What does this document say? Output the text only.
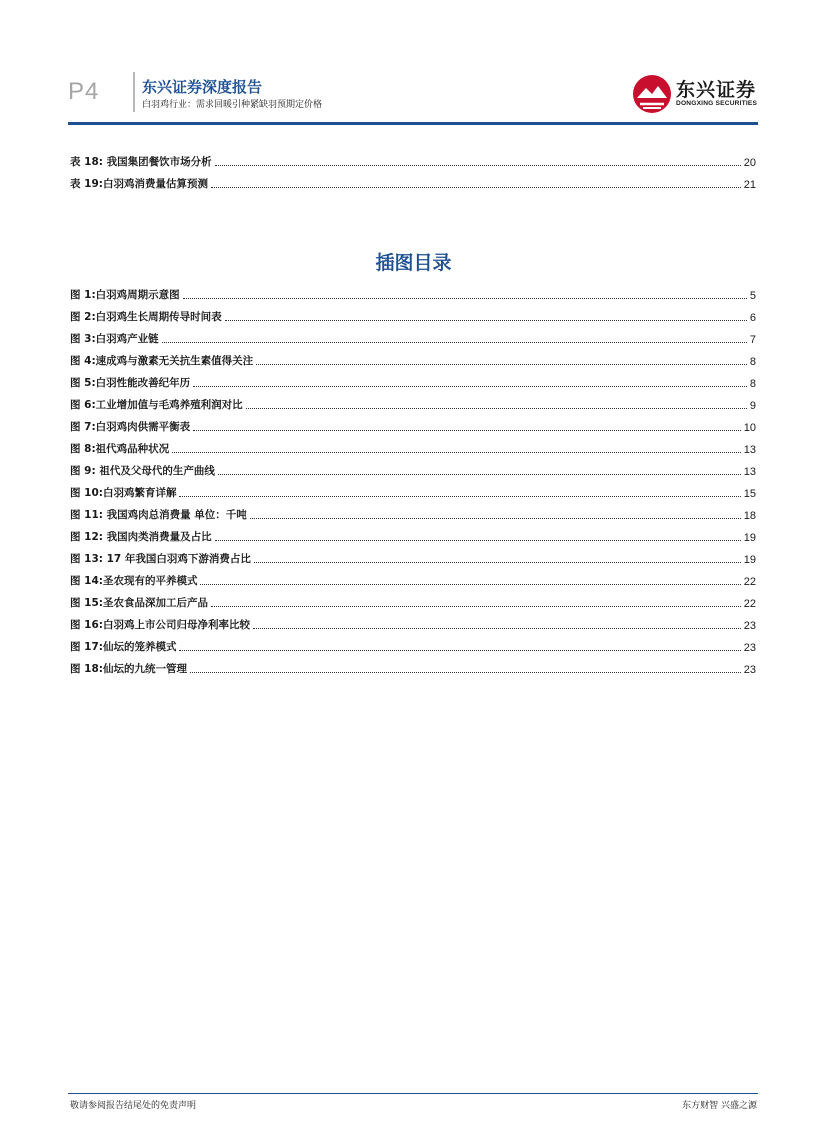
P4	东兴证券深度报告
白羽鸡行业：需求回暖引种紧缺羽预期定价格
东兴证券
DONGXING SECURITIES
表 18: 我国集团餐饮市场分析	20
表 19:白羽鸡消费量估算预测	21
插图目录
图 1:白羽鸡周期示意图	5
图 2:白羽鸡生长周期传导时间表	6
图 3:白羽鸡产业链	7
图 4:速成鸡与激素无关抗生素值得关注	8
图 5:白羽性能改善纪年历	8
图 6:工业增加值与毛鸡养殖利润对比	9
图 7:白羽鸡肉供需平衡表	10
图 8:祖代鸡品种状况	13
图 9: 祖代及父母代的生产曲线	13
图 10:白羽鸡繁育详解	15
图 11: 我国鸡肉总消费量 单位：千吨	18
图 12: 我国肉类消费量及占比	19
图 13: 17 年我国白羽鸡下游消费占比	19
图 14:圣农现有的平养模式	22
图 15:圣农食品深加工后产品	22
图 16:白羽鸡上市公司归母净利率比较	23
图 17:仙坛的笼养模式	23
图 18:仙坛的九统一管理	23
敬请参阅报告结尾处的免责声明	东方财智 兴盛之源
